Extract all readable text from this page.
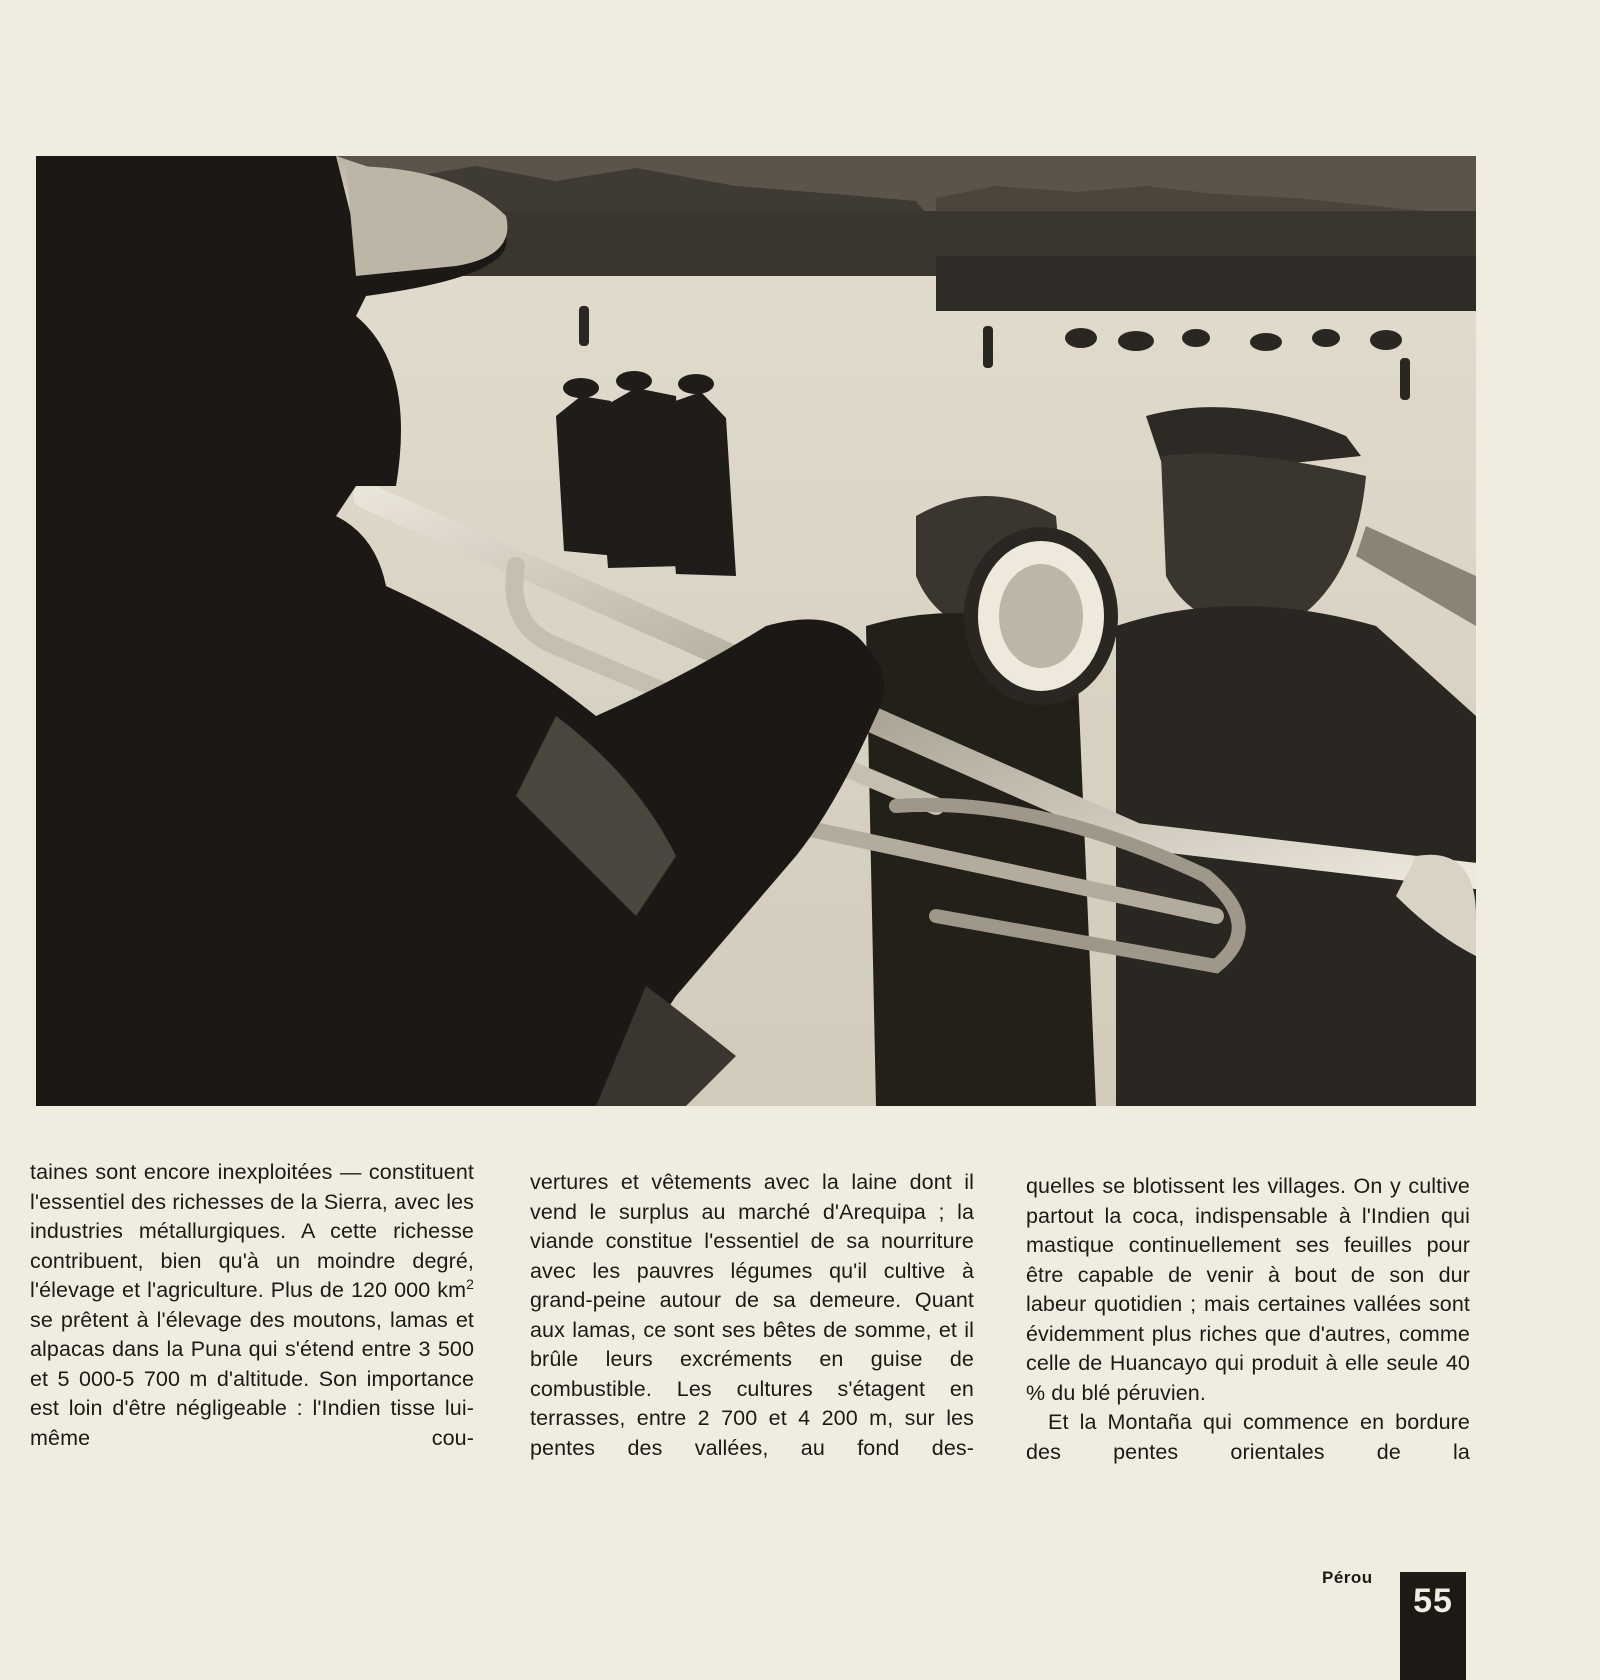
taines sont encore inexploitées — constituent l'essentiel des richesses de la Sierra, avec les industries métallurgiques. A cette richesse contribuent, bien qu'à un moindre degré, l'élevage et l'agriculture. Plus de 120 000 $km^2$ se prêtent à l'élevage des moutons, lamas et alpacas dans la Puna qui s'étend entre 3 500 et 5 000-5 700 m d'altitude. Son importance est loin d'être négligeable : l'Indien tisse lui-même cou-

vertures et vêtements avec la laine dont il vend le surplus au marché d'Arequipa ; la viande constitue l'essentiel de sa nourriture avec les pauvres légumes qu'il cultive à grand-peine autour de sa demeure. Quant aux lamas, ce sont ses bêtes de somme, et il brûle leurs excréments en guise de combustible. Les cultures s'étagent en terrasses, entre 2 700 et 4 200 m, sur les pentes des vallées, au fond des-

quelles se blotissent les villages. On y cultive partout la coca, indispensable à l'Indien qui mastique continuellement ses feuilles pour être capable de venir à bout de son dur labeur quotidien ; mais certaines vallées sont évidemment plus riches que d'autres, comme celle de Huancayo qui produit à elle seule 40 % du blé péruvien.

Et la Montaña qui commence en bordure des pentes orientales de la

Pérou
55
